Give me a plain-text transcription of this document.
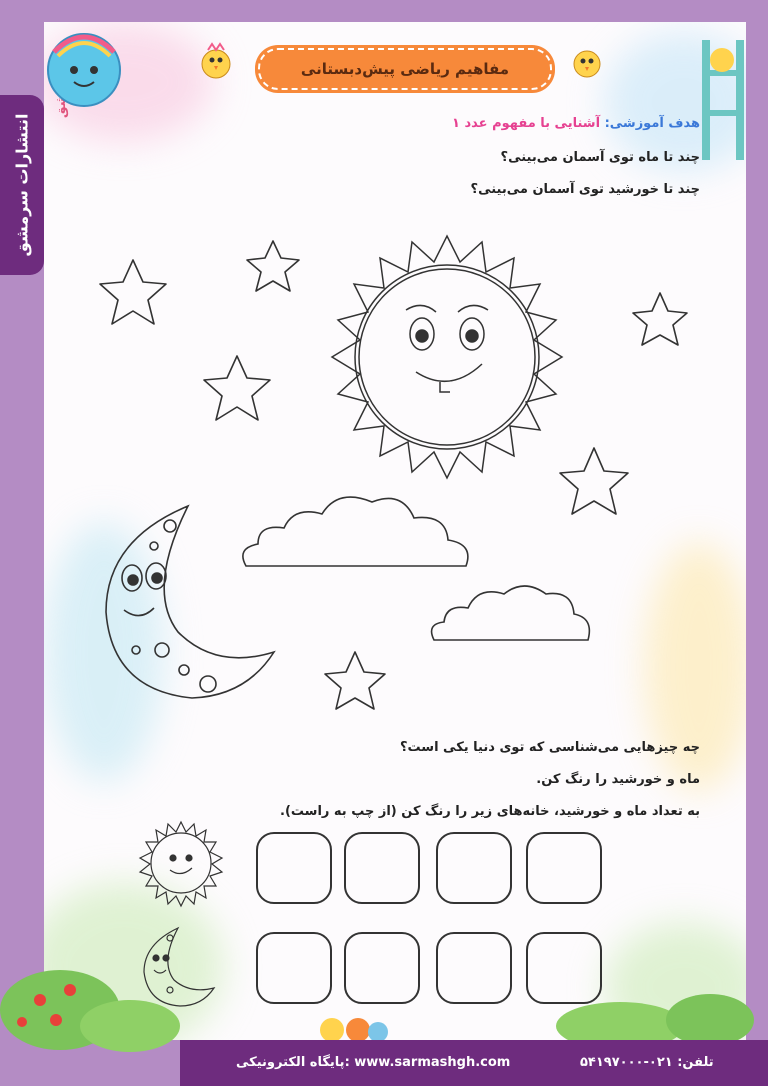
انتشارات سرمشق
مفاهیم ریاضی پیش‌دبستانی
هدف آموزشی: آشنایی با مفهوم عدد ۱
چند تا ماه توی آسمان می‌بینی؟
چند تا خورشید توی آسمان می‌بینی؟
چه چیزهایی می‌شناسی که توی دنیا یکی است؟
ماه و خورشید را رنگ کن.
به تعداد ماه و خورشید، خانه‌های زیر را رنگ کن (از چپ به راست).
پایگاه الکترونیکی: www.sarmashgh.com	تلفن: ۰۲۱-۵۴۱۹۷۰۰۰
